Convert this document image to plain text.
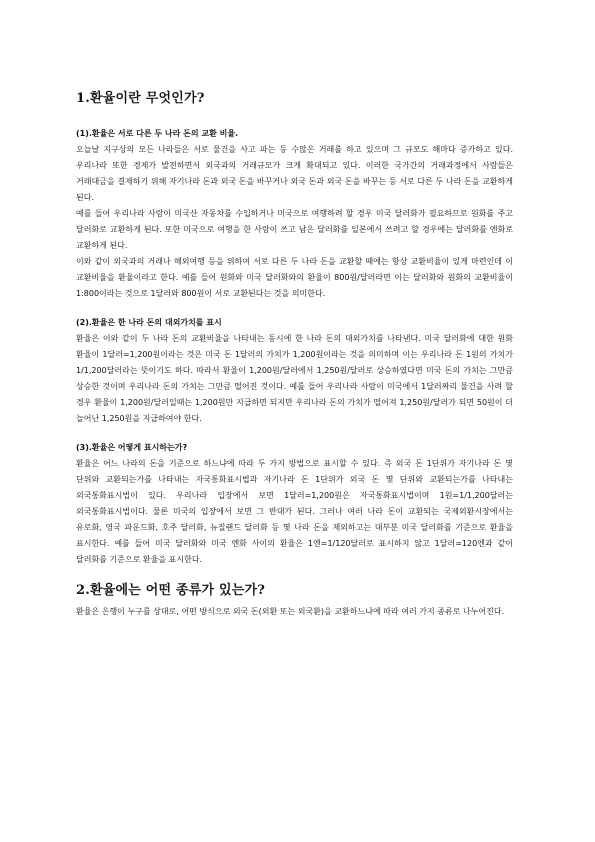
1.환율이란 무엇인가?
(1).환율은 서로 다른 두 나라 돈의 교환 비율.

오늘날 지구상의 모든 나라들은 서로 물건을 사고 파는 등 수많은 거래를 하고 있으며 그 규모도 해마다 증가하고 있다. 우리나라 또한 경제가 발전하면서 외국과의 거래규모가 크게 확대되고 있다. 이러한 국가간의 거래과정에서 사람들은 거래대금을 결제하기 위해 자기나라 돈과 외국 돈을 바꾸거나 외국 돈과 외국 돈을 바꾸는 등 서로 다른 두 나라 돈을 교환하게 된다.

예를 들어 우리나라 사람이 미국산 자동차를 수입하거나 미국으로 여행하려 할 경우 미국 달러화가 필요하므로 원화를 주고 달러화로 교환하게 된다. 또한 미국으로 여행을 한 사람이 쓰고 남은 달러화를 일본에서 쓰려고 할 경우에는 달러화를 엔화로 교환하게 된다.

이와 같이 외국과의 거래나 해외여행 등을 위하여 서로 다른 두 나라 돈을 교환할 때에는 항상 교환비율이 있게 마련인데 이 교환비율을 환율이라고 한다. 예를 들어 원화와 미국 달러화와의 환율이 800원/달러라면 이는 달러화와 원화의 교환비율이 1:800이라는 것으로 1달러와 800원이 서로 교환된다는 것을 의미한다.

(2).환율은 한 나라 돈의 대외가치를 표시

환율은 이와 같이 두 나라 돈의 교환비율을 나타내는 동시에 한 나라 돈의 대외가치를 나타낸다. 미국 달러화에 대한 원화 환율이 1달러=1,200원이라는 것은 미국 돈 1달러의 가치가 1,200원이라는 것을 의미하며 이는 우리나라 돈 1원의 가치가 1/1,200달러라는 뜻이기도 하다. 따라서 환율이 1,200원/달러에서 1,250원/달러로 상승하였다면 미국 돈의 가치는 그만큼 상승한 것이며 우리나라 돈의 가치는 그만큼 떨어진 것이다. 예를 들어 우리나라 사람이 미국에서 1달러짜리 물건을 사려 할 경우 환율이 1,200원/달러일때는 1,200원만 지급하면 되지만 우리나라 돈의 가치가 떨어져 1,250원/달러가 되면 50원이 더 늘어난 1,250원을 지급하여야 한다.

(3).환율은 어떻게 표시하는가?

환율은 어느 나라의 돈을 기준으로 하느냐에 따라 두 가지 방법으로 표시할 수 있다. 즉 외국 돈 1단위가 자기나라 돈 몇 단위와 교환되는가를 나타내는 자국통화표시법과 자기나라 돈 1단위가 외국 돈 몇 단위와 교환되는가를 나타내는 외국통화표시법이 있다. 우리나라 입장에서 보면 1달러=1,200원은 자국통화표시법이며 1원=1/1,200달러는 외국통화표시법이다. 물론 미국의 입장에서 보면 그 반대가 된다. 그러나 여러 나라 돈이 교환되는 국제외환시장에서는 유로화, 영국 파운드화, 호주 달러화, 뉴질랜드 달러화 등 몇 나라 돈을 제외하고는 대부분 미국 달러화를 기준으로 환율을 표시한다. 예를 들어 미국 달러화와 미국 엔화 사이의 환율은 1엔=1/120달러로 표시하지 않고 1달러=120엔과 같이 달러화를 기준으로 환율을 표시한다.

2.환율에는 어떤 종류가 있는가?

환율은 은행이 누구를 상대로, 어떤 방식으로 외국 돈(외환 또는 외국환)을 교환하느냐에 따라 여러 가지 종류로 나누어진다.
